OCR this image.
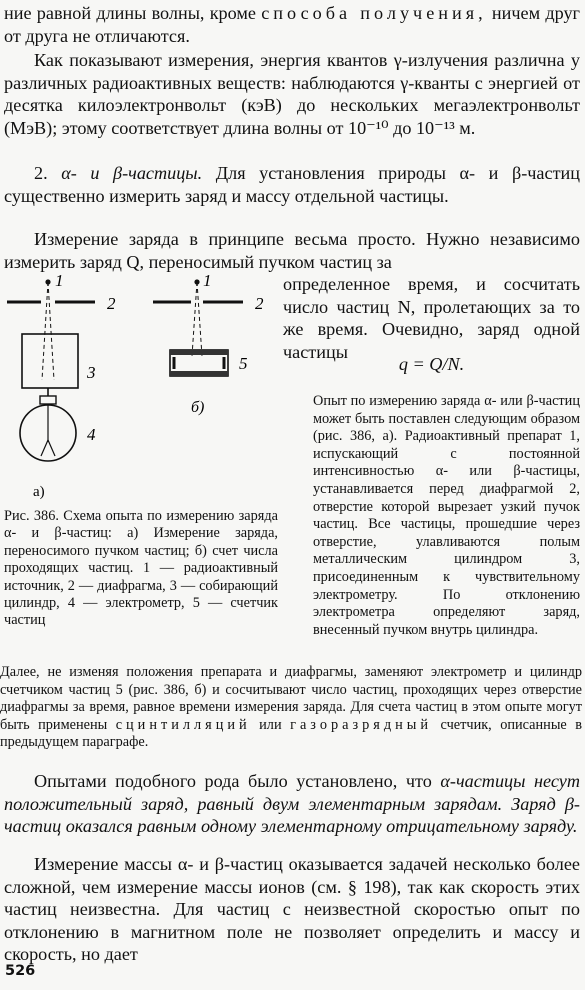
ние равной длины волны, кроме способа получения, ничем друг от друга не отличаются.

Как показывают измерения, энергия квантов γ-излучения различна у различных радиоактивных веществ: наблюдаются γ-кванты с энергией от десятка килоэлектронвольт (кэВ) до нескольких мегаэлектронвольт (МэВ); этому соответствует длина волны от 10⁻¹⁰ до 10⁻¹³ м.

2. α- и β-частицы. Для установления природы α- и β-частиц существенно измерить заряд и массу отдельной частицы.

Измерение заряда в принципе весьма просто. Нужно независимо измерить заряд Q, переносимый пучком частиц за

определенное время, и сосчитать число частиц N, пролетающих за то же время. Очевидно, заряд одной частицы

q = Q/N.

Опыт по измерению заряда α- или β-частиц может быть поставлен следующим образом (рис. 386, а). Радиоактивный препарат 1, испускающий с постоянной интенсивностью α- или β-частицы, устанавливается перед диафрагмой 2, отверстие которой вырезает узкий пучок частиц. Все частицы, прошедшие через отверстие, улавливаются полым металлическим цилиндром 3, присоединенным к чувствительному электрометру. По отклонению электрометра определяют заряд, внесенный пучком внутрь цилиндра.

Далее, не изменяя положения препарата и диафрагмы, заменяют электрометр и цилиндр счетчиком частиц 5 (рис. 386, б) и сосчитывают число частиц, проходящих через отверстие диафрагмы за время, равное времени измерения заряда. Для счета частиц в этом опыте могут быть применены сцинтилляций или газоразрядный счетчик, описанные в предыдущем параграфе.

Опытами подобного рода было установлено, что α-частицы несут положительный заряд, равный двум элементарным зарядам. Заряд β-частиц оказался равным одному элементарному отрицательному заряду.

Измерение массы α- и β-частиц оказывается задачей несколько более сложной, чем измерение массы ионов (см. § 198), так как скорость этих частиц неизвестна. Для частиц с неизвестной скоростью опыт по отклонению в магнитном поле не позволяет определить и массу и скорость, но дает

1
2
3
4
а)
1
2
5
б)

Рис. 386. Схема опыта по измерению заряда α- и β-частиц: а) Измерение заряда, переносимого пучком частиц; б) счет числа проходящих частиц. 1 — радиоактивный источник, 2 — диафрагма, 3 — собирающий цилиндр, 4 — электрометр, 5 — счетчик частиц

526
